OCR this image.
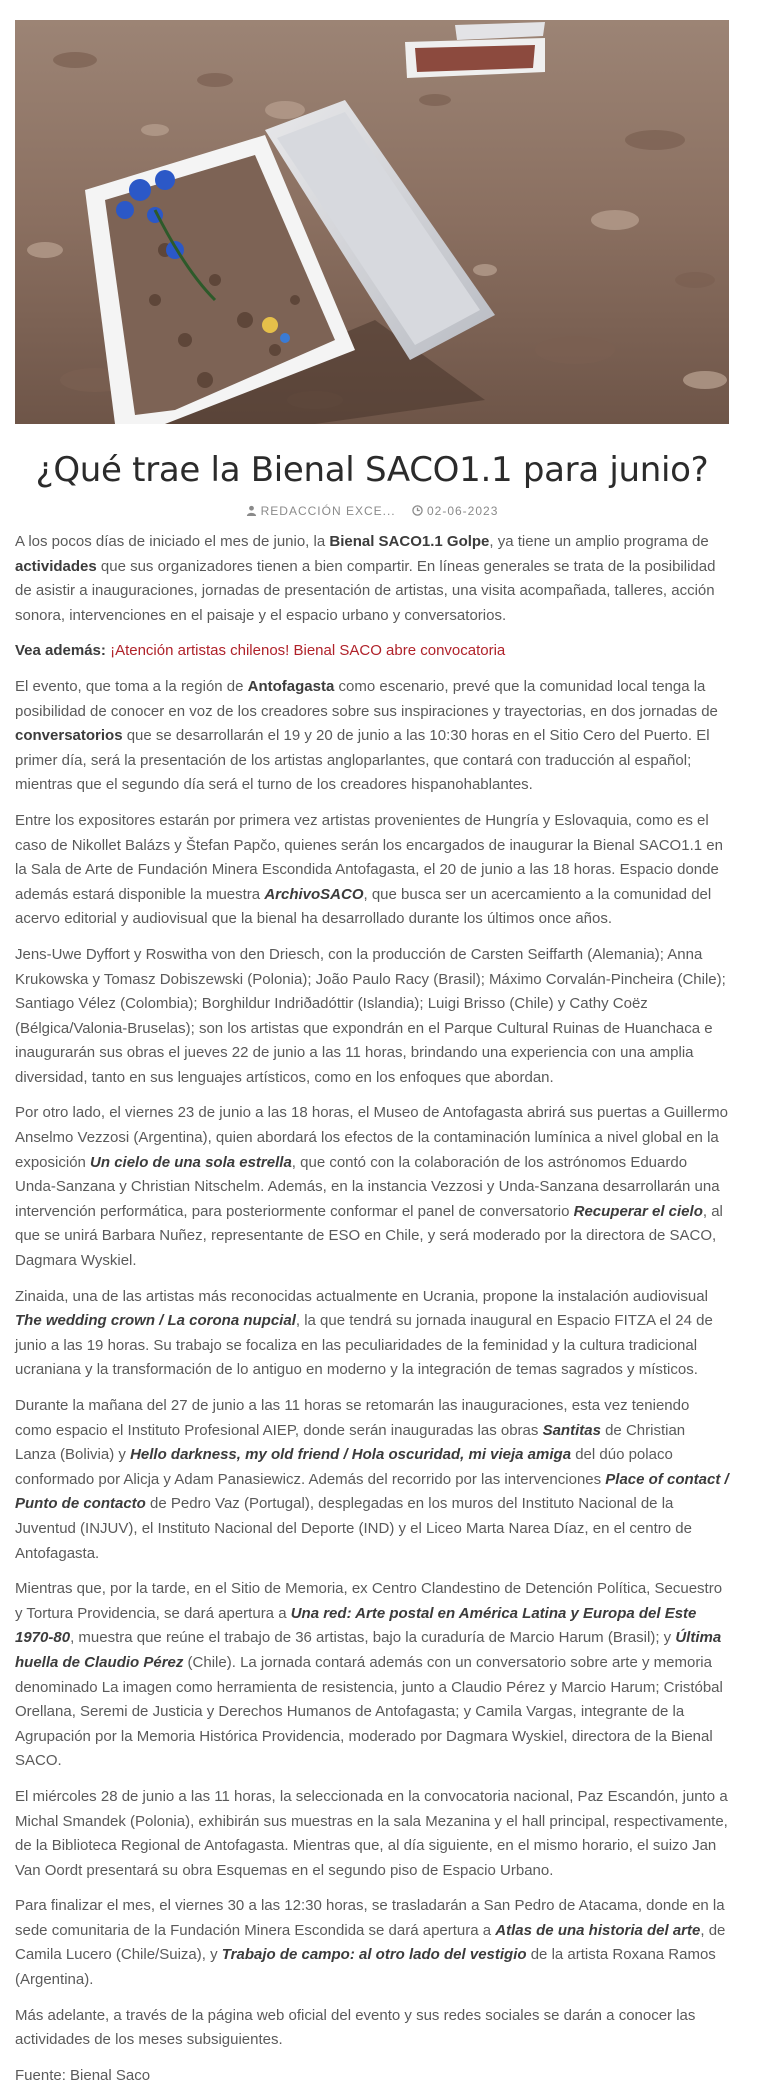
¿Qué trae la Bienal SACO1.1 para junio?
REDACCIÓN EXCE...	02-06-2023

A los pocos días de iniciado el mes de junio, la Bienal SACO1.1 Golpe, ya tiene un amplio programa de actividades que sus organizadores tienen a bien compartir. En líneas generales se trata de la posibilidad de asistir a inauguraciones, jornadas de presentación de artistas, una visita acompañada, talleres, acción sonora, intervenciones en el paisaje y el espacio urbano y conversatorios.

Vea además: ¡Atención artistas chilenos! Bienal SACO abre convocatoria

El evento, que toma a la región de Antofagasta como escenario, prevé que la comunidad local tenga la posibilidad de conocer en voz de los creadores sobre sus inspiraciones y trayectorias, en dos jornadas de conversatorios que se desarrollarán el 19 y 20 de junio a las 10:30 horas en el Sitio Cero del Puerto. El primer día, será la presentación de los artistas angloparlantes, que contará con traducción al español; mientras que el segundo día será el turno de los creadores hispanohablantes.

Entre los expositores estarán por primera vez artistas provenientes de Hungría y Eslovaquia, como es el caso de Nikollet Balázs y Štefan Papčo, quienes serán los encargados de inaugurar la Bienal SACO1.1 en la Sala de Arte de Fundación Minera Escondida Antofagasta, el 20 de junio a las 18 horas. Espacio donde además estará disponible la muestra ArchivoSACO, que busca ser un acercamiento a la comunidad del acervo editorial y audiovisual que la bienal ha desarrollado durante los últimos once años.

Jens-Uwe Dyffort y Roswitha von den Driesch, con la producción de Carsten Seiffarth (Alemania); Anna Krukowska y Tomasz Dobiszewski (Polonia); João Paulo Racy (Brasil); Máximo Corvalán-Pincheira (Chile); Santiago Vélez (Colombia); Borghildur Indriðadóttir (Islandia); Luigi Brisso (Chile) y Cathy Coëz (Bélgica/Valonia-Bruselas); son los artistas que expondrán en el Parque Cultural Ruinas de Huanchaca e inaugurarán sus obras el jueves 22 de junio a las 11 horas, brindando una experiencia con una amplia diversidad, tanto en sus lenguajes artísticos, como en los enfoques que abordan.

Por otro lado, el viernes 23 de junio a las 18 horas, el Museo de Antofagasta abrirá sus puertas a Guillermo Anselmo Vezzosi (Argentina), quien abordará los efectos de la contaminación lumínica a nivel global en la exposición Un cielo de una sola estrella, que contó con la colaboración de los astrónomos Eduardo Unda-Sanzana y Christian Nitschelm. Además, en la instancia Vezzosi y Unda-Sanzana desarrollarán una intervención performática, para posteriormente conformar el panel de conversatorio Recuperar el cielo, al que se unirá Barbara Nuñez, representante de ESO en Chile, y será moderado por la directora de SACO, Dagmara Wyskiel.

Zinaida, una de las artistas más reconocidas actualmente en Ucrania, propone la instalación audiovisual The wedding crown / La corona nupcial, la que tendrá su jornada inaugural en Espacio FITZA el 24 de junio a las 19 horas. Su trabajo se focaliza en las peculiaridades de la feminidad y la cultura tradicional ucraniana y la transformación de lo antiguo en moderno y la integración de temas sagrados y místicos.

Durante la mañana del 27 de junio a las 11 horas se retomarán las inauguraciones, esta vez teniendo como espacio el Instituto Profesional AIEP, donde serán inauguradas las obras Santitas de Christian Lanza (Bolivia) y Hello darkness, my old friend / Hola oscuridad, mi vieja amiga del dúo polaco conformado por Alicja y Adam Panasiewicz. Además del recorrido por las intervenciones Place of contact / Punto de contacto de Pedro Vaz (Portugal), desplegadas en los muros del Instituto Nacional de la Juventud (INJUV), el Instituto Nacional del Deporte (IND) y el Liceo Marta Narea Díaz, en el centro de Antofagasta.

Mientras que, por la tarde, en el Sitio de Memoria, ex Centro Clandestino de Detención Política, Secuestro y Tortura Providencia, se dará apertura a Una red: Arte postal en América Latina y Europa del Este 1970-80, muestra que reúne el trabajo de 36 artistas, bajo la curaduría de Marcio Harum (Brasil); y Última huella de Claudio Pérez (Chile). La jornada contará además con un conversatorio sobre arte y memoria denominado La imagen como herramienta de resistencia, junto a Claudio Pérez y Marcio Harum; Cristóbal Orellana, Seremi de Justicia y Derechos Humanos de Antofagasta; y Camila Vargas, integrante de la Agrupación por la Memoria Histórica Providencia, moderado por Dagmara Wyskiel, directora de la Bienal SACO.

El miércoles 28 de junio a las 11 horas, la seleccionada en la convocatoria nacional, Paz Escandón, junto a Michal Smandek (Polonia), exhibirán sus muestras en la sala Mezanina y el hall principal, respectivamente, de la Biblioteca Regional de Antofagasta. Mientras que, al día siguiente, en el mismo horario, el suizo Jan Van Oordt presentará su obra Esquemas en el segundo piso de Espacio Urbano.

Para finalizar el mes, el viernes 30 a las 12:30 horas, se trasladarán a San Pedro de Atacama, donde en la sede comunitaria de la Fundación Minera Escondida se dará apertura a Atlas de una historia del arte, de Camila Lucero (Chile/Suiza), y Trabajo de campo: al otro lado del vestigio de la artista Roxana Ramos (Argentina).

Más adelante, a través de la página web oficial del evento y sus redes sociales se darán a conocer las actividades de los meses subsiguientes.

Fuente: Bienal Saco
